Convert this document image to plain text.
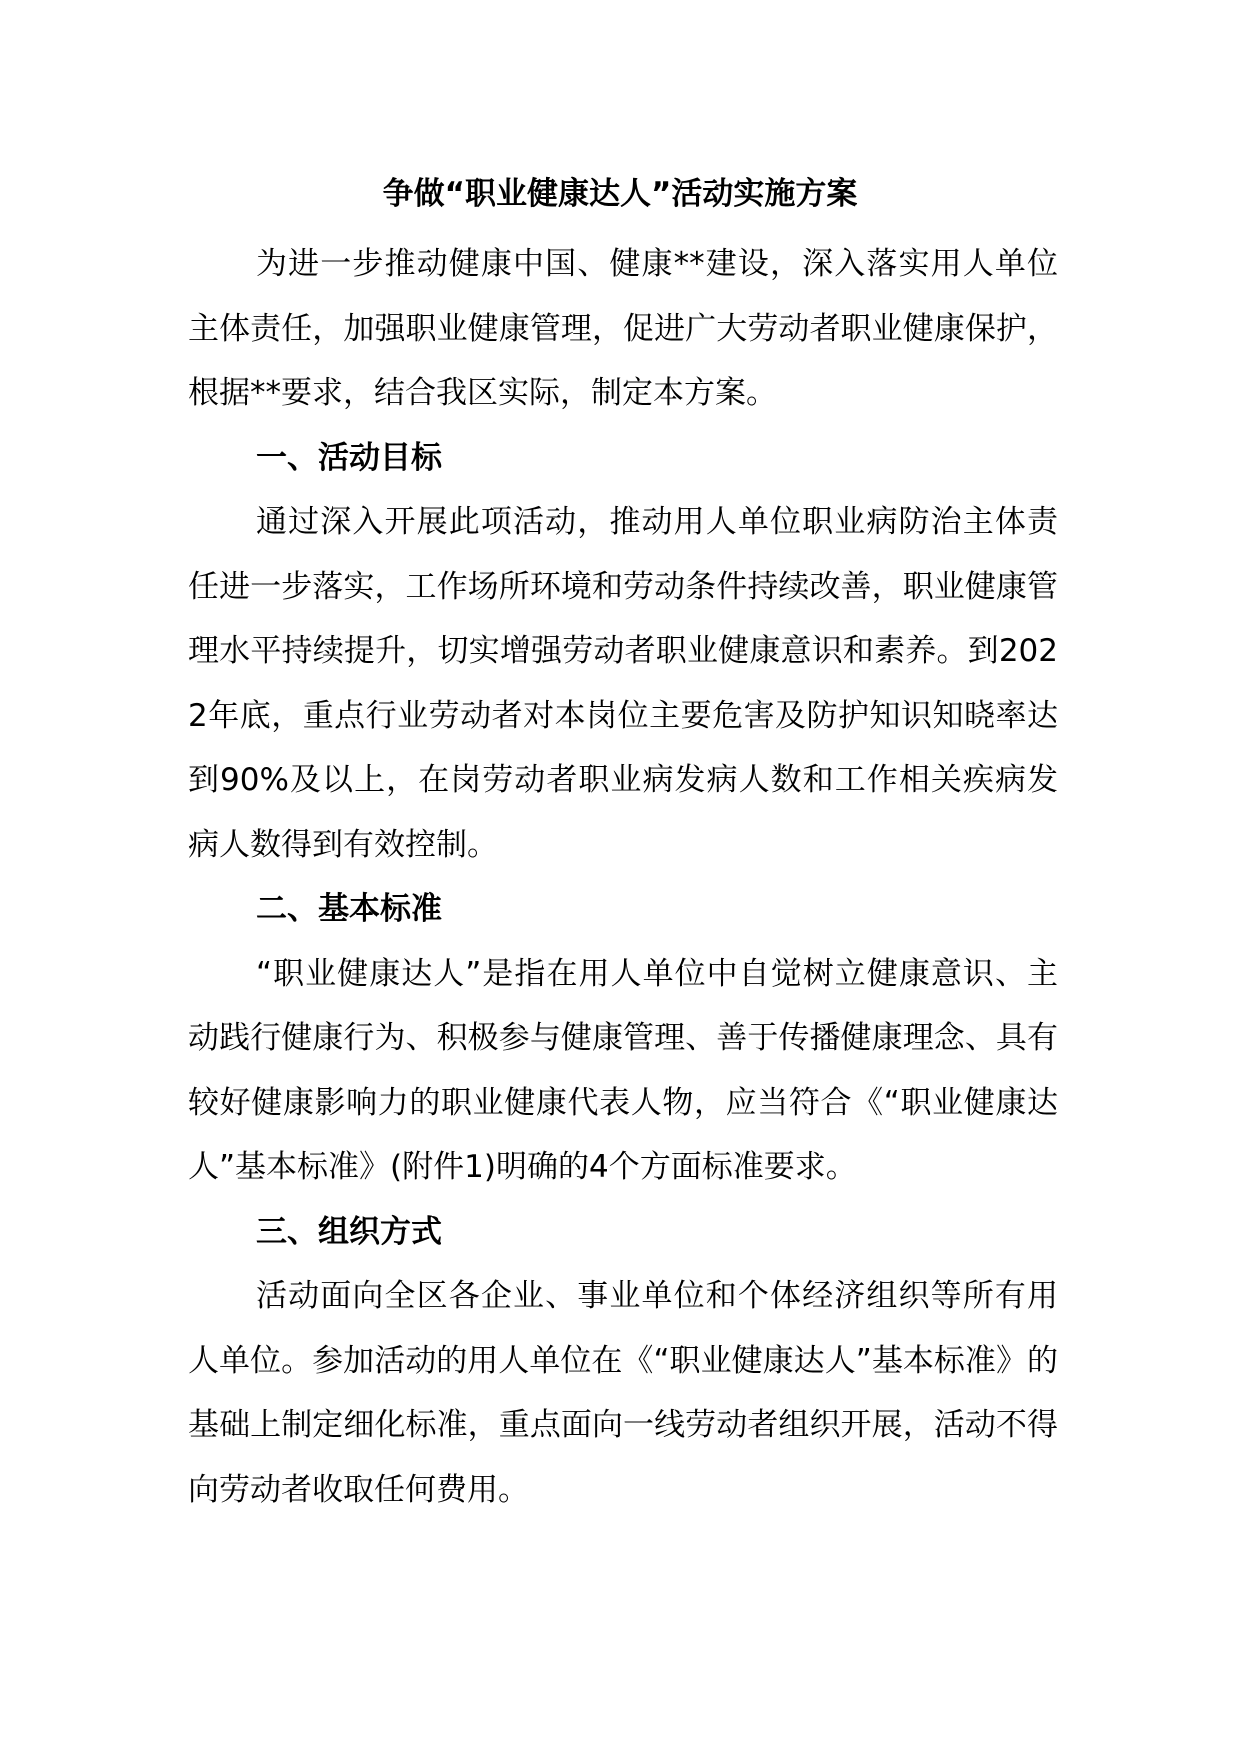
争做“职业健康达人”活动实施方案

为进一步推动健康中国、健康**建设，深入落实用人单位主体责任，加强职业健康管理，促进广大劳动者职业健康保护，根据**要求，结合我区实际，制定本方案。

一、活动目标

通过深入开展此项活动，推动用人单位职业病防治主体责任进一步落实，工作场所环境和劳动条件持续改善，职业健康管理水平持续提升，切实增强劳动者职业健康意识和素养。到2022年底，重点行业劳动者对本岗位主要危害及防护知识知晓率达到90%及以上，在岗劳动者职业病发病人数和工作相关疾病发病人数得到有效控制。

二、基本标准

“职业健康达人”是指在用人单位中自觉树立健康意识、主动践行健康行为、积极参与健康管理、善于传播健康理念、具有较好健康影响力的职业健康代表人物，应当符合《“职业健康达人”基本标准》(附件1)明确的4个方面标准要求。

三、组织方式

活动面向全区各企业、事业单位和个体经济组织等所有用人单位。参加活动的用人单位在《“职业健康达人”基本标准》的基础上制定细化标准，重点面向一线劳动者组织开展，活动不得向劳动者收取任何费用。
